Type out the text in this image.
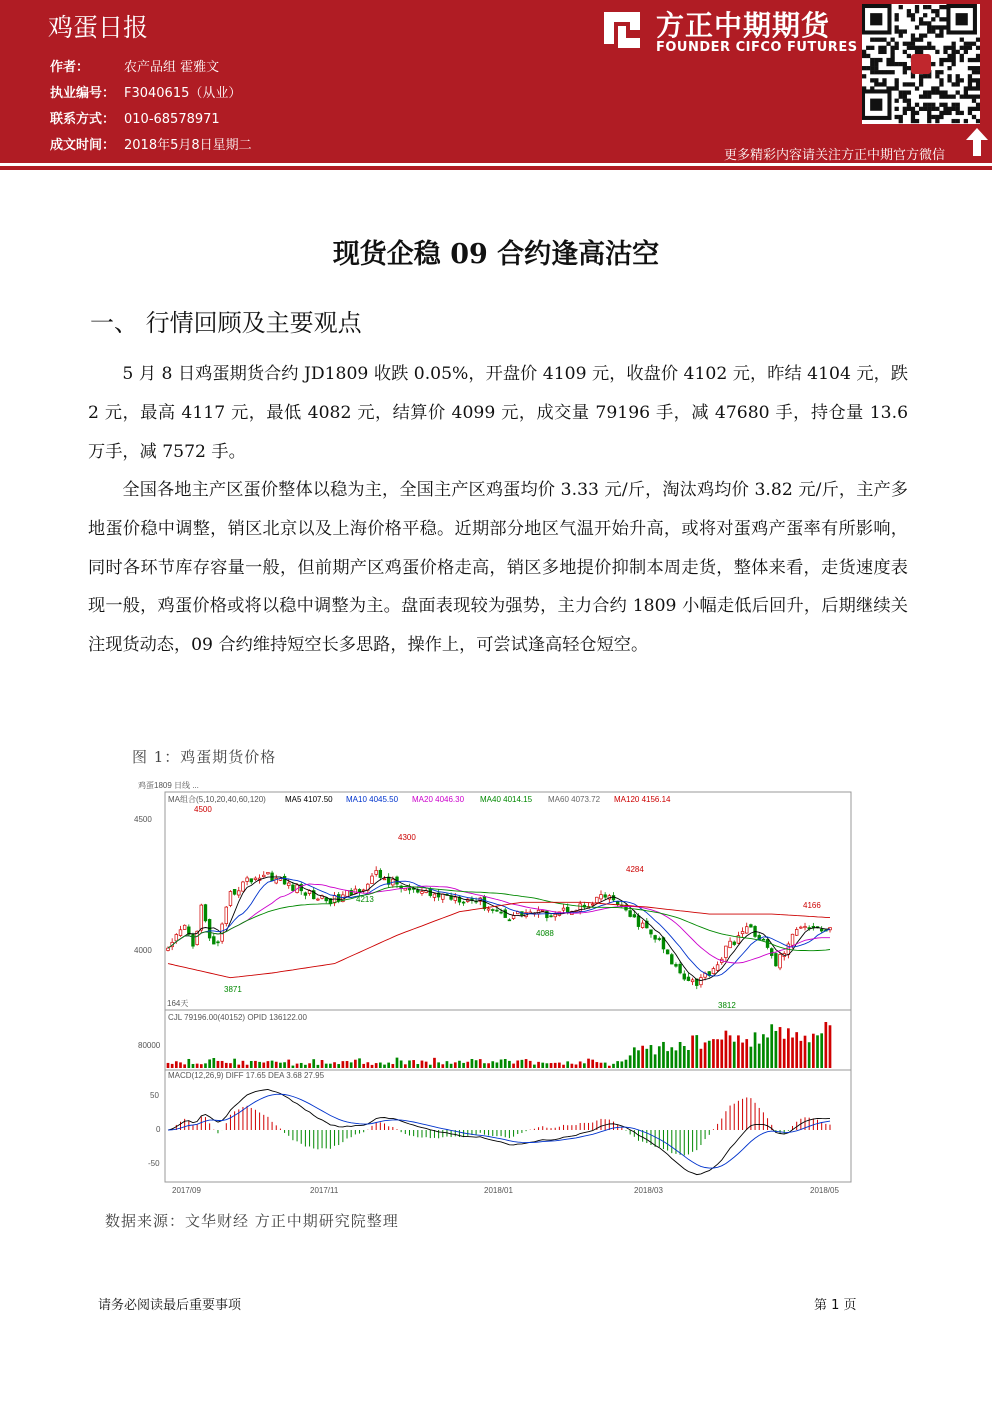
鸡蛋日报
作者：	农产品组 霍雅文
执业编号： F3040615（从业）
联系方式： 010-68578971
成文时间： 2018年5月8日星期二
方正中期期货
FOUNDER CIFCO FUTURES
更多精彩内容请关注方正中期官方微信
现货企稳 09 合约逢高沽空
一、 行情回顾及主要观点

5 月 8 日鸡蛋期货合约 JD1809 收跌 0.05%，开盘价 4109 元，收盘价 4102 元，昨结 4104 元，跌 2 元，最高 4117 元，最低 4082 元，结算价 4099 元，成交量 79196 手，减 47680 手，持仓量 13.6 万手，减 7572 手。

全国各地主产区蛋价整体以稳为主，全国主产区鸡蛋均价 3.33 元/斤，淘汰鸡均价 3.82 元/斤，主产多地蛋价稳中调整，销区北京以及上海价格平稳。近期部分地区气温开始升高，或将对蛋鸡产蛋率有所影响，同时各环节库存容量一般，但前期产区鸡蛋价格走高，销区多地提价抑制本周走货，整体来看，走货速度表现一般，鸡蛋价格或将以稳中调整为主。盘面表现较为强势，主力合约 1809 小幅走低后回升，后期继续关注现货动态，09 合约维持短空长多思路，操作上，可尝试逢高轻仓短空。

图 1：鸡蛋期货价格
鸡蛋1809 日线 ...
MA组合(5,10,20,40,60,120) MA5 4107.50 MA10 4045.50 MA20 4046.30 MA40 4014.15 MA60 4073.72 MA120 4156.14
4500
4000
164天
CJL 79196.00(40152) OPID 136122.00
80000
MACD(12,26,9) DIFF 17.65 DEA 3.68 27.95
50
0
-50
2017/09	2017/11	2018/01	2018/03	2018/05
4500
4300
4284
4166
4213
4088
3871
3812
数据来源：文华财经 方正中期研究院整理
请务必阅读最后重要事项	第 1 页
